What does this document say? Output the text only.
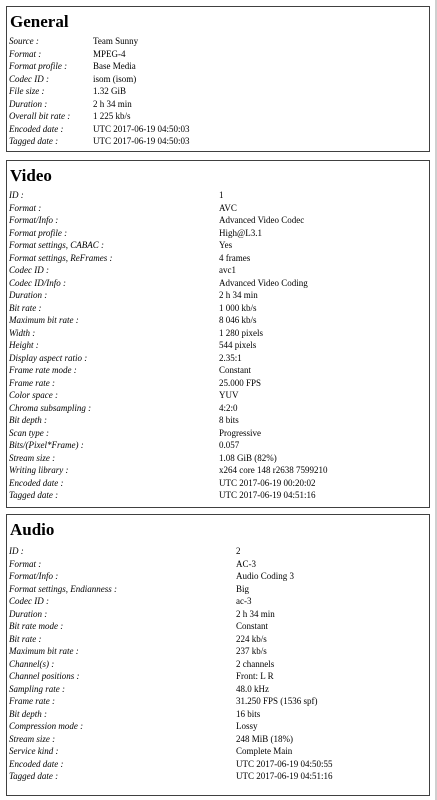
General
Source :	Team Sunny
Format :	MPEG-4
Format profile :	Base Media
Codec ID :	isom (isom)
File size :	1.32 GiB
Duration :	2 h 34 min
Overall bit rate :	1 225 kb/s
Encoded date :	UTC 2017-06-19 04:50:03
Tagged date :	UTC 2017-06-19 04:50:03
Video
ID :	1
Format :	AVC
Format/Info :	Advanced Video Codec
Format profile :	High@L3.1
Format settings, CABAC :	Yes
Format settings, ReFrames :	4 frames
Codec ID :	avc1
Codec ID/Info :	Advanced Video Coding
Duration :	2 h 34 min
Bit rate :	1 000 kb/s
Maximum bit rate :	8 046 kb/s
Width :	1 280 pixels
Height :	544 pixels
Display aspect ratio :	2.35:1
Frame rate mode :	Constant
Frame rate :	25.000 FPS
Color space :	YUV
Chroma subsampling :	4:2:0
Bit depth :	8 bits
Scan type :	Progressive
Bits/(Pixel*Frame) :	0.057
Stream size :	1.08 GiB (82%)
Writing library :	x264 core 148 r2638 7599210
Encoded date :	UTC 2017-06-19 00:20:02
Tagged date :	UTC 2017-06-19 04:51:16
Audio
ID :	2
Format :	AC-3
Format/Info :	Audio Coding 3
Format settings, Endianness :	Big
Codec ID :	ac-3
Duration :	2 h 34 min
Bit rate mode :	Constant
Bit rate :	224 kb/s
Maximum bit rate :	237 kb/s
Channel(s) :	2 channels
Channel positions :	Front: L R
Sampling rate :	48.0 kHz
Frame rate :	31.250 FPS (1536 spf)
Bit depth :	16 bits
Compression mode :	Lossy
Stream size :	248 MiB (18%)
Service kind :	Complete Main
Encoded date :	UTC 2017-06-19 04:50:55
Tagged date :	UTC 2017-06-19 04:51:16
